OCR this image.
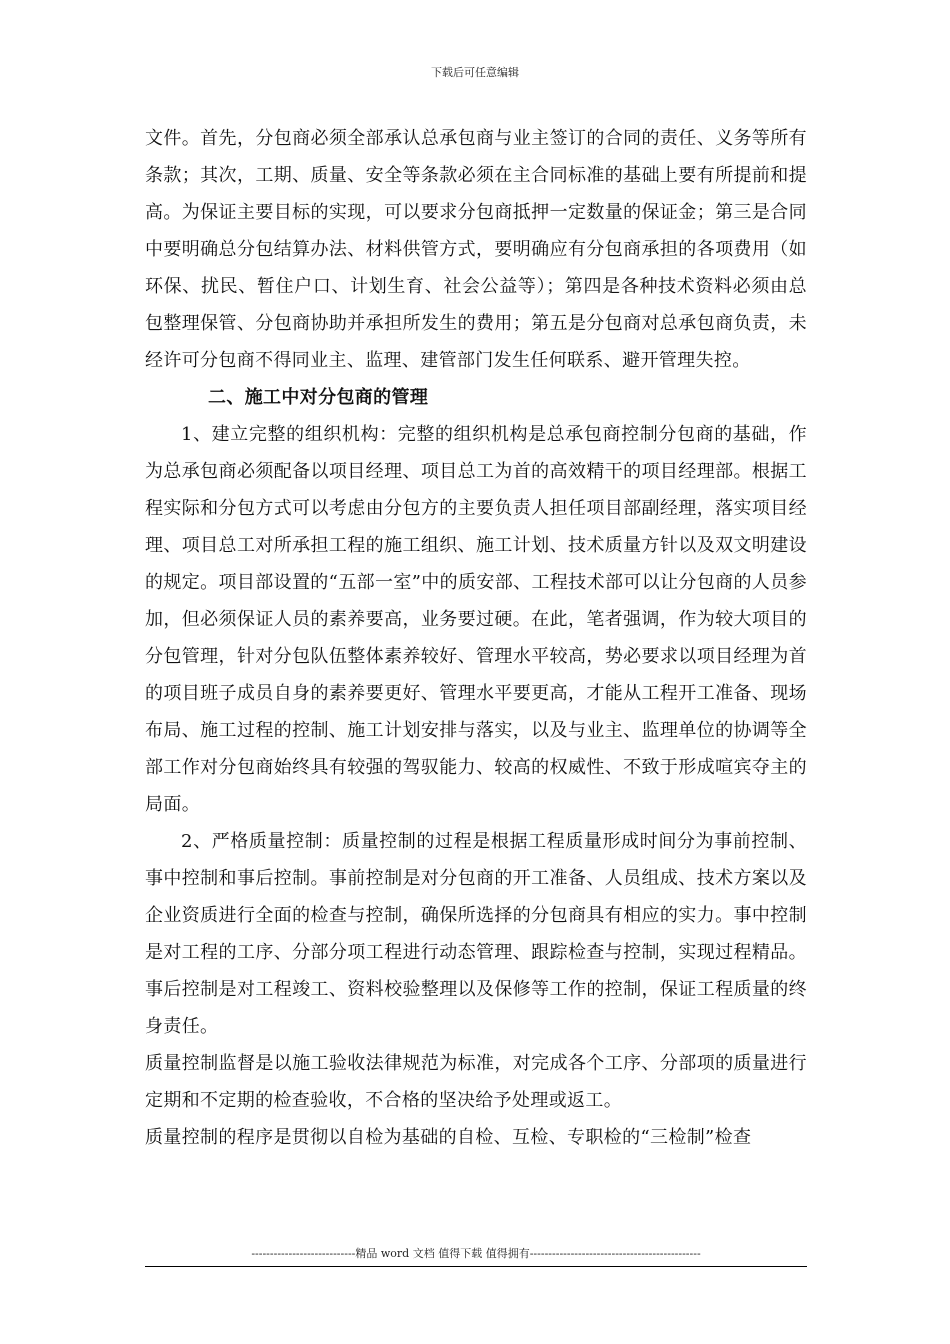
下载后可任意编辑

文件。首先，分包商必须全部承认总承包商与业主签订的合同的责任、义务等所有条款；其次，工期、质量、安全等条款必须在主合同标准的基础上要有所提前和提高。为保证主要目标的实现，可以要求分包商抵押一定数量的保证金；第三是合同中要明确总分包结算办法、材料供管方式，要明确应有分包商承担的各项费用（如环保、扰民、暂住户口、计划生育、社会公益等）；第四是各种技术资料必须由总包整理保管、分包商协助并承担所发生的费用；第五是分包商对总承包商负责，未经许可分包商不得同业主、监理、建管部门发生任何联系、避开管理失控。

二、施工中对分包商的管理

1、建立完整的组织机构：完整的组织机构是总承包商控制分包商的基础，作为总承包商必须配备以项目经理、项目总工为首的高效精干的项目经理部。根据工程实际和分包方式可以考虑由分包方的主要负责人担任项目部副经理，落实项目经理、项目总工对所承担工程的施工组织、施工计划、技术质量方针以及双文明建设的规定。项目部设置的“五部一室”中的质安部、工程技术部可以让分包商的人员参加，但必须保证人员的素养要高，业务要过硬。在此，笔者强调，作为较大项目的分包管理，针对分包队伍整体素养较好、管理水平较高，势必要求以项目经理为首的项目班子成员自身的素养要更好、管理水平要更高，才能从工程开工准备、现场布局、施工过程的控制、施工计划安排与落实，以及与业主、监理单位的协调等全部工作对分包商始终具有较强的驾驭能力、较高的权威性、不致于形成喧宾夺主的局面。

2、严格质量控制：质量控制的过程是根据工程质量形成时间分为事前控制、事中控制和事后控制。事前控制是对分包商的开工准备、人员组成、技术方案以及企业资质进行全面的检查与控制，确保所选择的分包商具有相应的实力。事中控制是对工程的工序、分部分项工程进行动态管理、跟踪检查与控制，实现过程精品。事后控制是对工程竣工、资料校验整理以及保修等工作的控制，保证工程质量的终身责任。

质量控制监督是以施工验收法律规范为标准，对完成各个工序、分部项的质量进行定期和不定期的检查验收，不合格的坚决给予处理或返工。

质量控制的程序是贯彻以自检为基础的自检、互检、专职检的“三检制”检查

----------------------------精品 word 文档 值得下载 值得拥有----------------------------------------------
